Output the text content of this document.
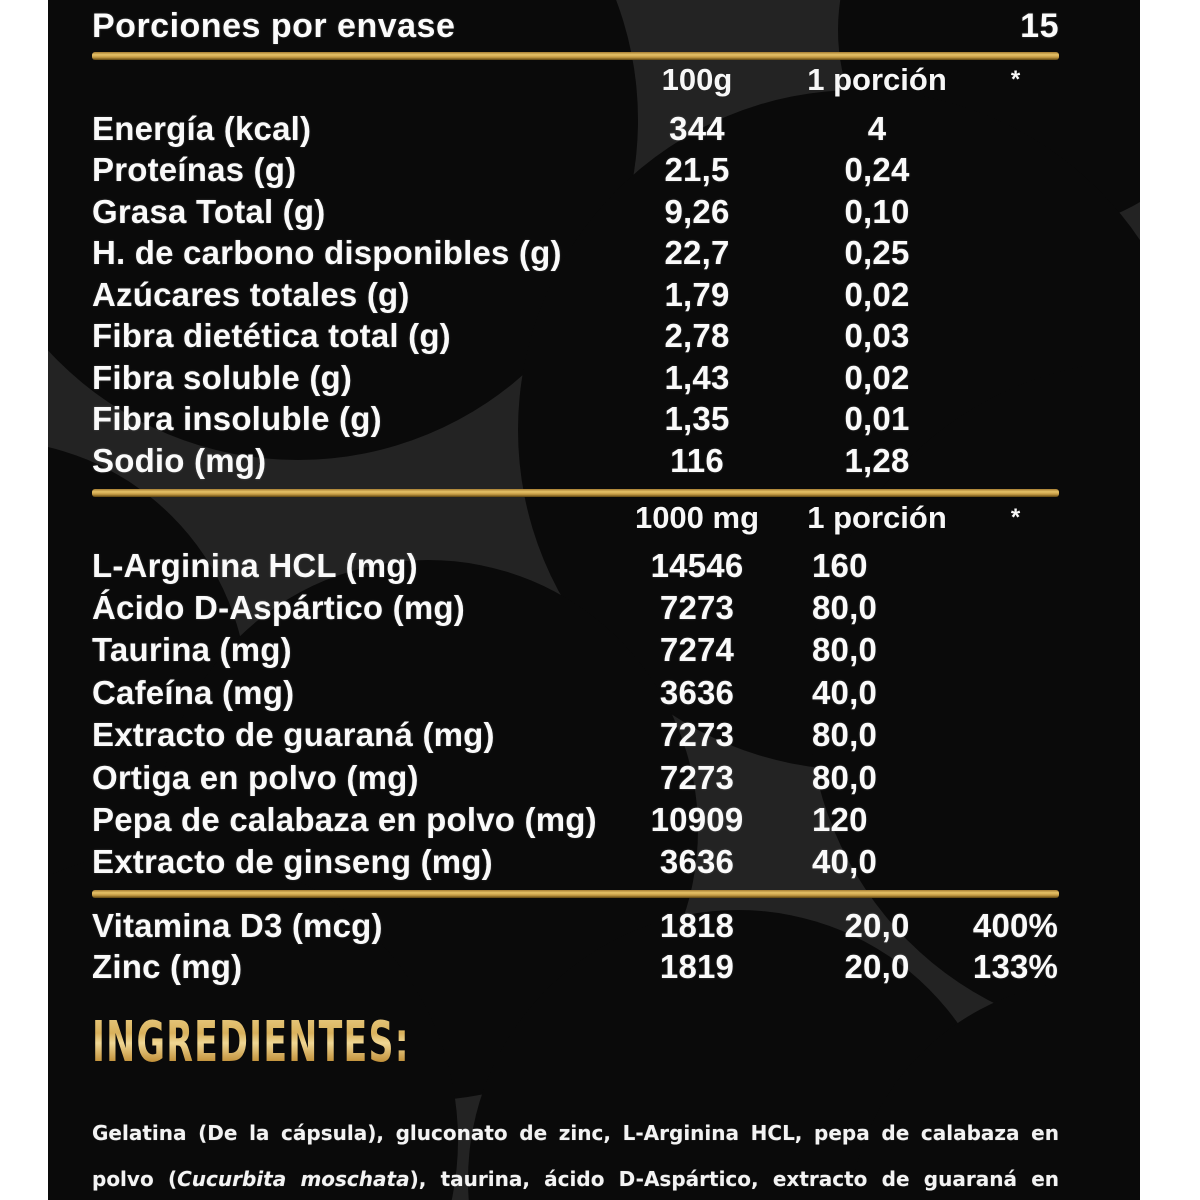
Porciones por envase	15
100g	1 porción	*
Energía (kcal)	344	4
Proteínas (g)	21,5	0,24
Grasa Total (g)	9,26	0,10
H. de carbono disponibles (g)	22,7	0,25
Azúcares totales (g)	1,79	0,02
Fibra dietética total (g)	2,78	0,03
Fibra soluble (g)	1,43	0,02
Fibra insoluble (g)	1,35	0,01
Sodio (mg)	116	1,28
1000 mg	1 porción	*
L-Arginina HCL (mg)	14546	160
Ácido D-Aspártico (mg)	7273	80,0
Taurina (mg)	7274	80,0
Cafeína (mg)	3636	40,0
Extracto de guaraná (mg)	7273	80,0
Ortiga en polvo (mg)	7273	80,0
Pepa de calabaza en polvo (mg)	10909	120
Extracto de ginseng (mg)	3636	40,0
Vitamina D3 (mcg)	1818	20,0	400%
Zinc (mg)	1819	20,0	133%
INGREDIENTES:
Gelatina (De la cápsula), gluconato de zinc, L-Arginina HCL, pepa de calabaza en
polvo (Cucurbita moschata), taurina, ácido D-Aspártico, extracto de guaraná en
